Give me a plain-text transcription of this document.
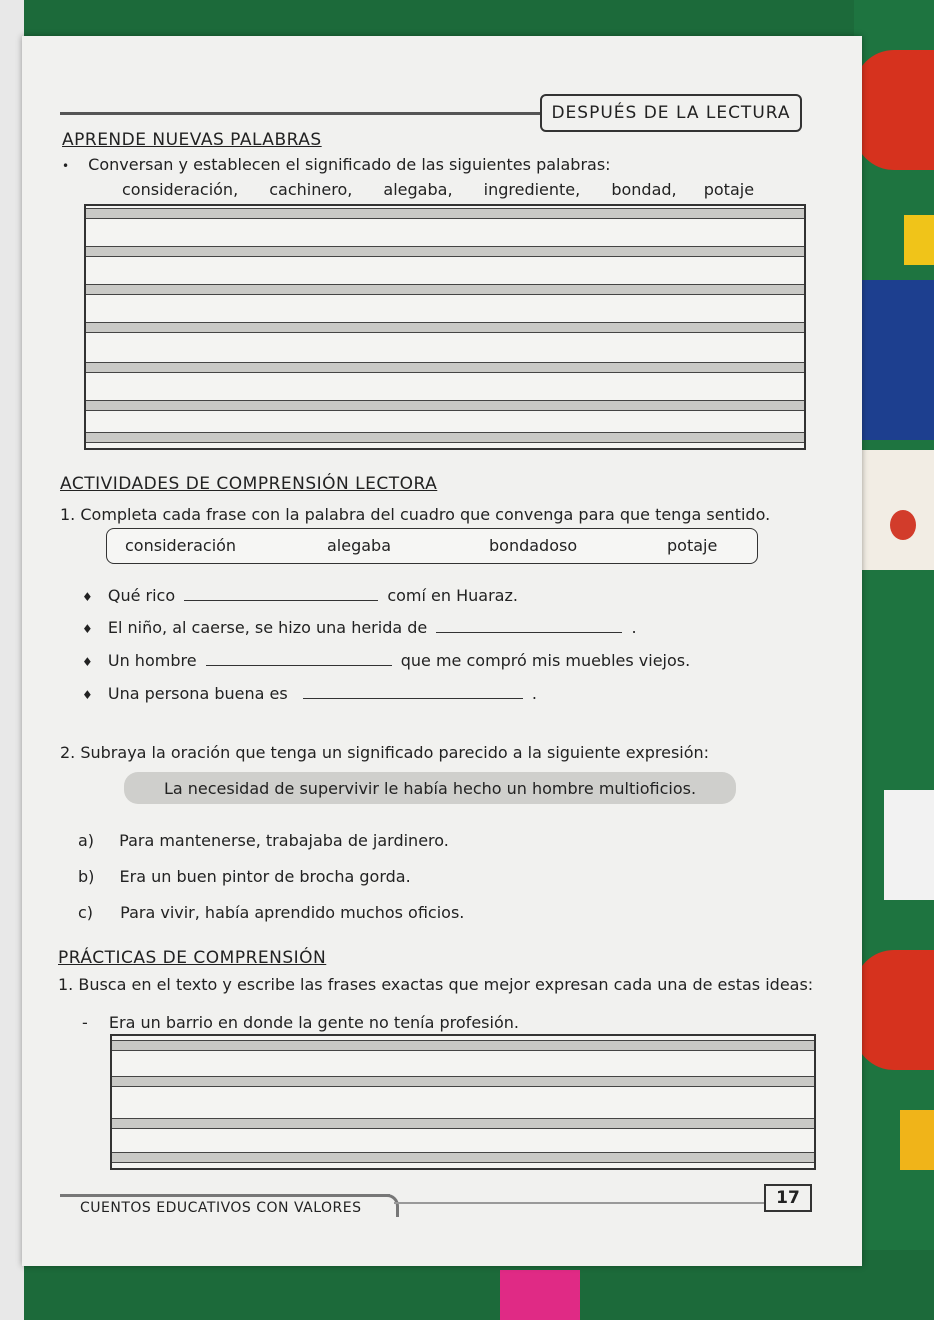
DESPUÉS DE LA LECTURA
APRENDE NUEVAS PALABRAS
• Conversan y establecen el significado de las siguientes palabras:
consideración, cachinero, alegaba, ingrediente, bondad, potaje
ACTIVIDADES DE COMPRENSIÓN LECTORA
1. Completa cada frase con la palabra del cuadro que convenga para que tenga sentido.
consideración	alegaba	bondadoso	potaje
♦ Qué rico	comí en Huaraz.
♦ El niño, al caerse, se hizo una herida de	.
♦ Un hombre	que me compró mis muebles viejos.
♦ Una persona buena es	.
2. Subraya la oración que tenga un significado parecido a la siguiente expresión:
La necesidad de supervivir le había hecho un hombre multioficios.
a) Para mantenerse, trabajaba de jardinero.
b) Era un buen pintor de brocha gorda.
c) Para vivir, había aprendido muchos oficios.
PRÁCTICAS DE COMPRENSIÓN
1. Busca en el texto y escribe las frases exactas que mejor expresan cada una de estas ideas:
- Era un barrio en donde la gente no tenía profesión.
CUENTOS EDUCATIVOS CON VALORES	17
